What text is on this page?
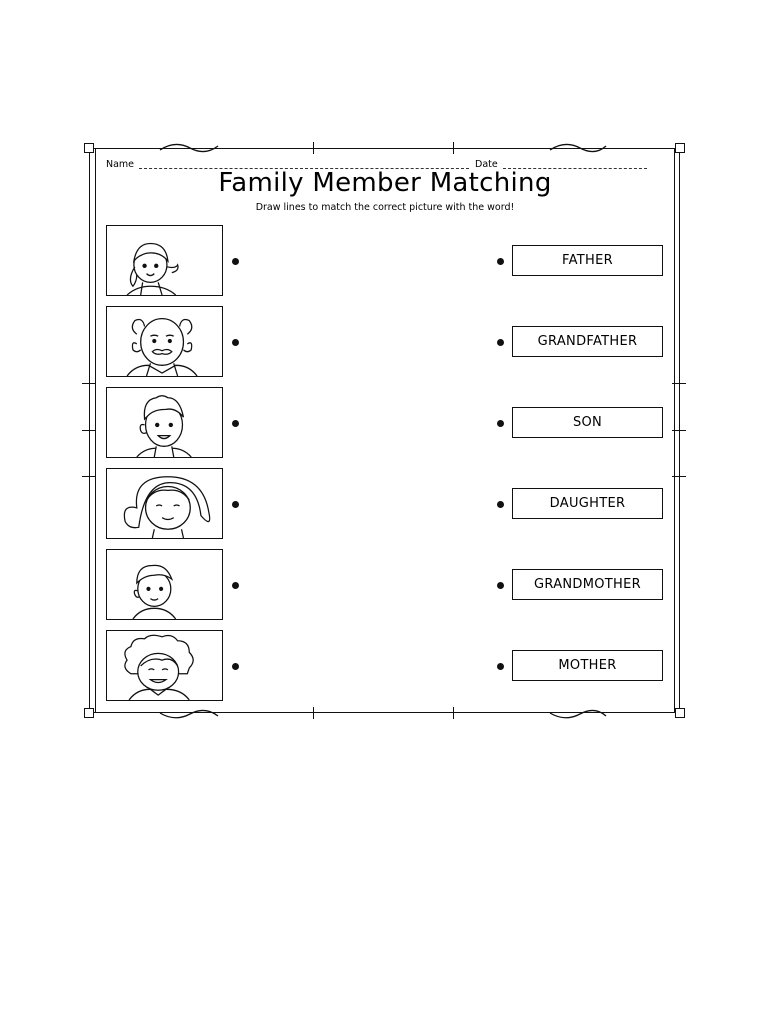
Name	Date
Family Member Matching
Draw lines to match the correct picture with the word!
FATHER
GRANDFATHER
SON
DAUGHTER
GRANDMOTHER
MOTHER
